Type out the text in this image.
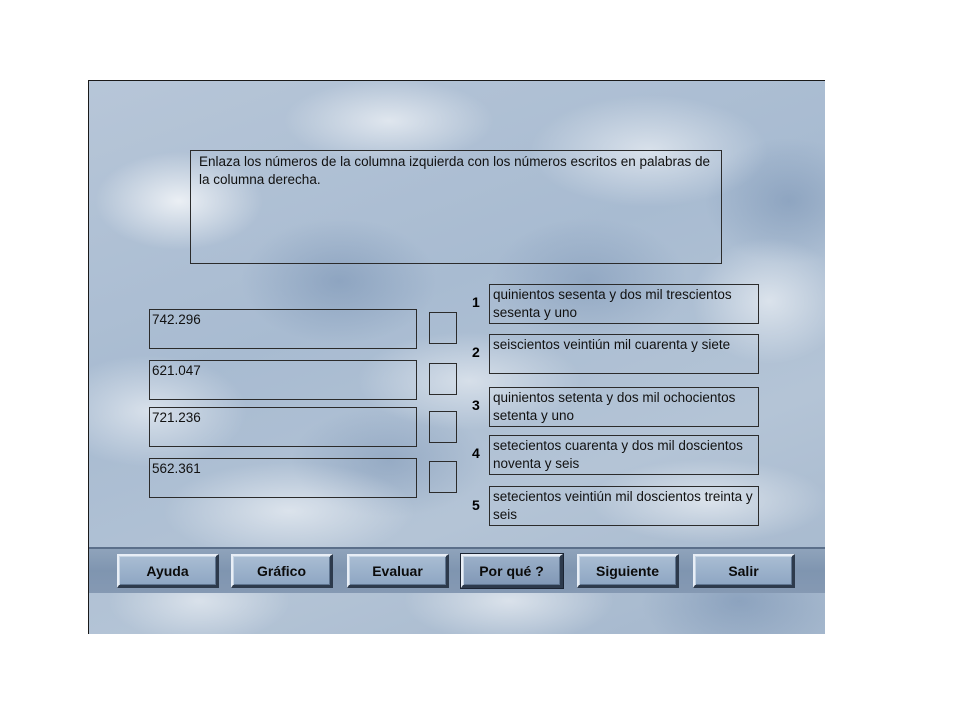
Enlaza los números de la columna izquierda con los números escritos en palabras de la columna derecha.
742.296
621.047
721.236
562.361
1
2
3
4
5
quinientos sesenta y dos mil trescientos sesenta y uno
seiscientos veintiún mil cuarenta y siete
quinientos setenta y dos mil ochocientos setenta y uno
setecientos cuarenta y dos mil doscientos noventa y seis
setecientos veintiún mil doscientos treinta y seis
Ayuda	Gráfico	Evaluar	Por qué ?	Siguiente	Salir
